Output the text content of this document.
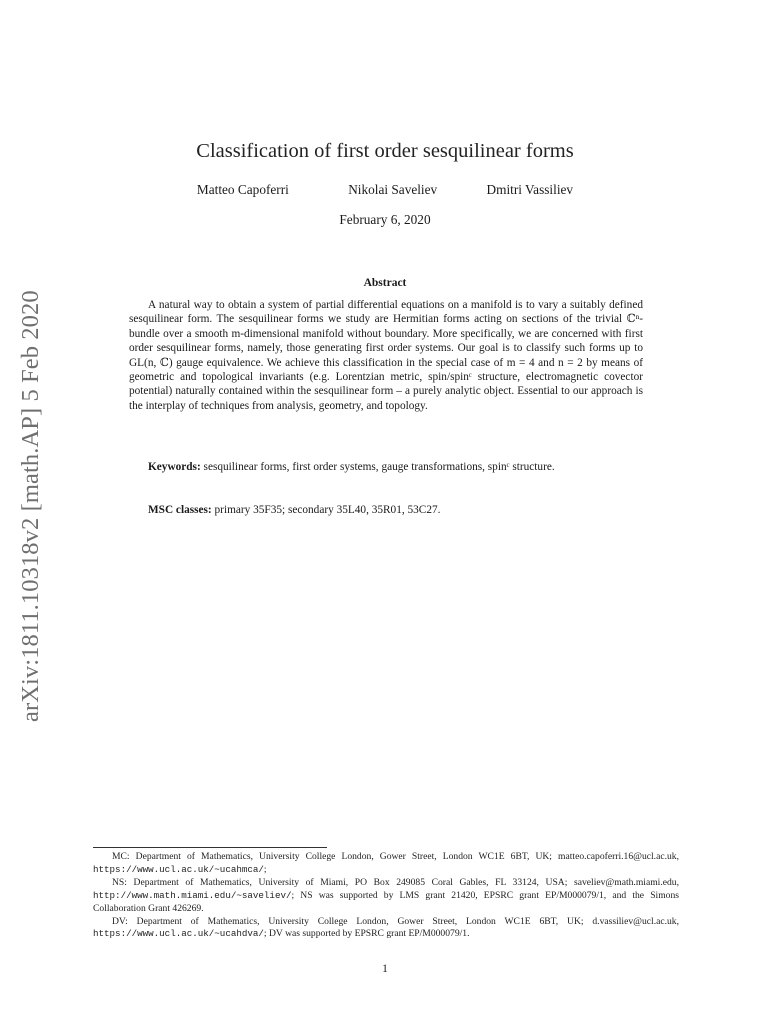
arXiv:1811.10318v2 [math.AP] 5 Feb 2020
Classification of first order sesquilinear forms
Matteo Capoferri	Nikolai Saveliev	Dmitri Vassiliev
February 6, 2020
Abstract

A natural way to obtain a system of partial differential equations on a manifold is to vary a suitably defined sesquilinear form. The sesquilinear forms we study are Hermitian forms acting on sections of the trivial ℂⁿ-bundle over a smooth m-dimensional manifold without boundary. More specifically, we are concerned with first order sesquilinear forms, namely, those generating first order systems. Our goal is to classify such forms up to GL(n, ℂ) gauge equivalence. We achieve this classification in the special case of m = 4 and n = 2 by means of geometric and topological invariants (e.g. Lorentzian metric, spin/spinᶜ structure, electromagnetic covector potential) naturally contained within the sesquilinear form – a purely analytic object. Essential to our approach is the interplay of techniques from analysis, geometry, and topology.

Keywords: sesquilinear forms, first order systems, gauge transformations, spinᶜ structure.

MSC classes: primary 35F35; secondary 35L40, 35R01, 53C27.

MC: Department of Mathematics, University College London, Gower Street, London WC1E 6BT, UK; matteo.capoferri.16@ucl.ac.uk, https://www.ucl.ac.uk/~ucahmca/;

NS: Department of Mathematics, University of Miami, PO Box 249085 Coral Gables, FL 33124, USA; saveliev@math.miami.edu, http://www.math.miami.edu/~saveliev/; NS was supported by LMS grant 21420, EPSRC grant EP/M000079/1, and the Simons Collaboration Grant 426269.

DV: Department of Mathematics, University College London, Gower Street, London WC1E 6BT, UK; d.vassiliev@ucl.ac.uk, https://www.ucl.ac.uk/~ucahdva/; DV was supported by EPSRC grant EP/M000079/1.

1
